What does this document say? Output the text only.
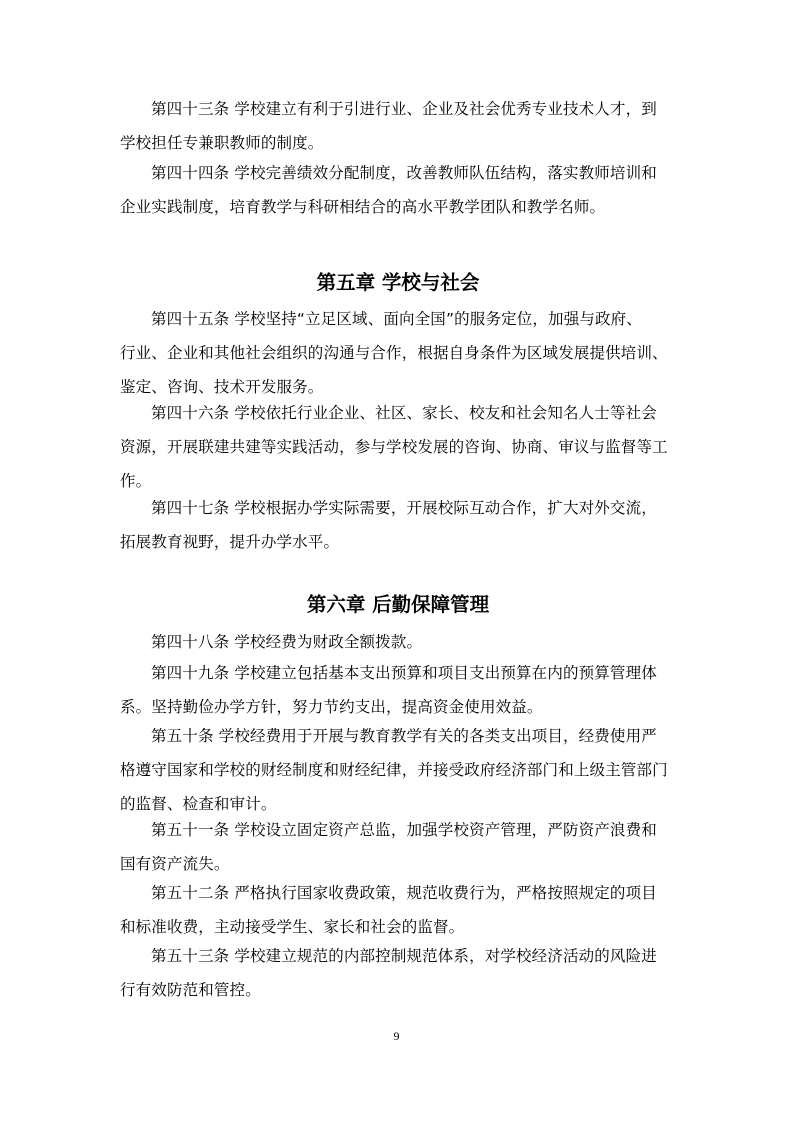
第四十三条 学校建立有利于引进行业、企业及社会优秀专业技术人才，到
学校担任专兼职教师的制度。
第四十四条 学校完善绩效分配制度，改善教师队伍结构，落实教师培训和
企业实践制度，培育教学与科研相结合的高水平教学团队和教学名师。
第五章 学校与社会
第四十五条 学校坚持“立足区域、面向全国”的服务定位，加强与政府、
行业、企业和其他社会组织的沟通与合作，根据自身条件为区域发展提供培训、
鉴定、咨询、技术开发服务。
第四十六条 学校依托行业企业、社区、家长、校友和社会知名人士等社会
资源，开展联建共建等实践活动，参与学校发展的咨询、协商、审议与监督等工
作。
第四十七条 学校根据办学实际需要，开展校际互动合作，扩大对外交流，
拓展教育视野，提升办学水平。
第六章 后勤保障管理
第四十八条 学校经费为财政全额拨款。
第四十九条 学校建立包括基本支出预算和项目支出预算在内的预算管理体
系。坚持勤俭办学方针，努力节约支出，提高资金使用效益。
第五十条 学校经费用于开展与教育教学有关的各类支出项目，经费使用严
格遵守国家和学校的财经制度和财经纪律，并接受政府经济部门和上级主管部门
的监督、检查和审计。
第五十一条 学校设立固定资产总监，加强学校资产管理，严防资产浪费和
国有资产流失。
第五十二条 严格执行国家收费政策，规范收费行为，严格按照规定的项目
和标准收费，主动接受学生、家长和社会的监督。
第五十三条 学校建立规范的内部控制规范体系，对学校经济活动的风险进
行有效防范和管控。
9
